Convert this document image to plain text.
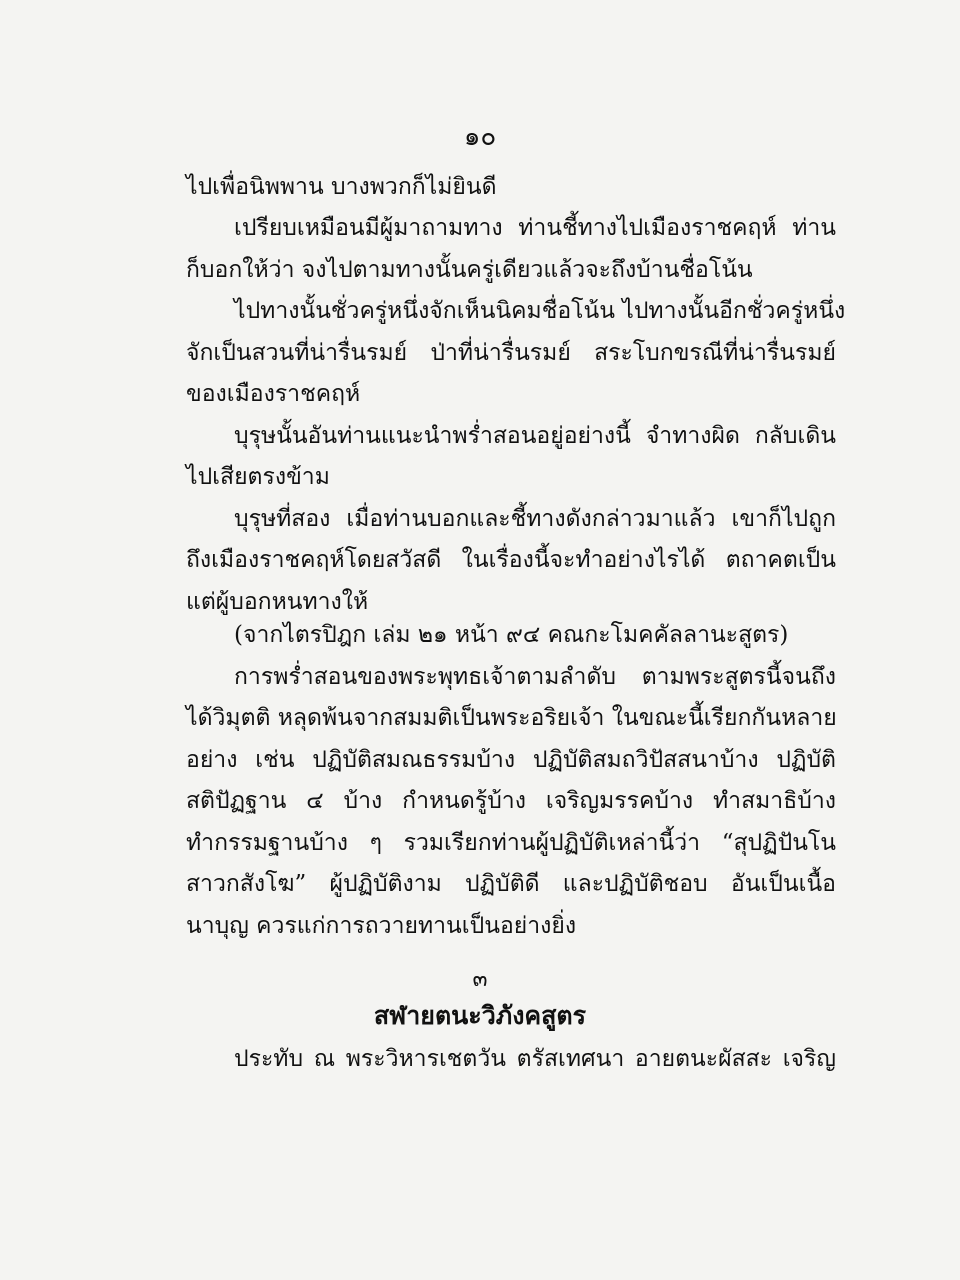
๑๐
ไปเพื่อนิพพาน บางพวกก็ไม่ยินดี
เปรียบเหมือนมีผู้มาถามทาง ท่านชี้ทางไปเมืองราชคฤห์ ท่าน
ก็บอกให้ว่า จงไปตามทางนั้นครู่เดียวแล้วจะถึงบ้านชื่อโน้น
ไปทางนั้นชั่วครู่หนึ่งจักเห็นนิคมชื่อโน้น ไปทางนั้นอีกชั่วครู่หนึ่ง
จักเป็นสวนที่น่ารื่นรมย์ ป่าที่น่ารื่นรมย์ สระโบกขรณีที่น่ารื่นรมย์
ของเมืองราชคฤห์
บุรุษนั้นอันท่านแนะนำพร่ำสอนอยู่อย่างนี้ จำทางผิด กลับเดิน
ไปเสียตรงข้าม
บุรุษที่สอง เมื่อท่านบอกและชี้ทางดังกล่าวมาแล้ว เขาก็ไปถูก
ถึงเมืองราชคฤห์โดยสวัสดี ในเรื่องนี้จะทำอย่างไรได้ ตถาคตเป็น
แต่ผู้บอกหนทางให้
(จากไตรปิฎก เล่ม ๒๑ หน้า ๙๔ คณกะโมคคัลลานะสูตร)
การพร่ำสอนของพระพุทธเจ้าตามลำดับ ตามพระสูตรนี้จนถึง
ได้วิมุตติ หลุดพ้นจากสมมติเป็นพระอริยเจ้า ในขณะนี้เรียกกันหลาย
อย่าง เช่น ปฏิบัติสมณธรรมบ้าง ปฏิบัติสมถวิปัสสนาบ้าง ปฏิบัติ
สติปัฏฐาน ๔ บ้าง กำหนดรู้บ้าง เจริญมรรคบ้าง ทำสมาธิบ้าง
ทำกรรมฐานบ้าง ๆ รวมเรียกท่านผู้ปฏิบัติเหล่านี้ว่า “สุปฏิปันโน
สาวกสังโฆ” ผู้ปฏิบัติงาม ปฏิบัติดี และปฏิบัติชอบ อันเป็นเนื้อ
นาบุญ ควรแก่การถวายทานเป็นอย่างยิ่ง
๓
สฬายตนะวิภังคสูตร
ประทับ ณ พระวิหารเชตวัน ตรัสเทศนา อายตนะผัสสะ เจริญ
